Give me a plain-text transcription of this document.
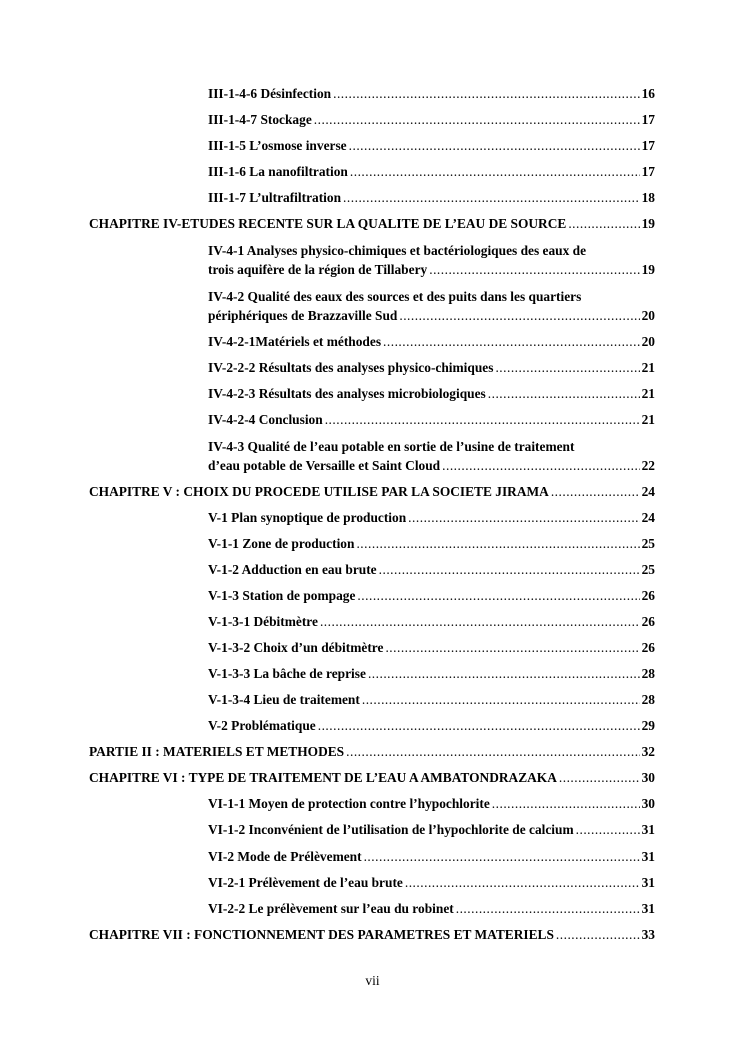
III-1-4-6 Désinfection .....	16
III-1-4-7 Stockage .....	17
III-1-5 L’osmose inverse .....	17
III-1-6 La nanofiltration .....	17
III-1-7 L’ultrafiltration .....	18
CHAPITRE IV-ETUDES RECENTE SUR LA QUALITE DE L’EAU DE SOURCE .....	19
IV-4-1 Analyses physico-chimiques et bactériologiques des eaux de
trois aquifère de la région de Tillabery .....	19
IV-4-2 Qualité des eaux des sources et des puits dans les quartiers
périphériques de Brazzaville Sud .....	20
IV-4-2-1Matériels et méthodes .....	20
IV-2-2-2 Résultats des analyses physico-chimiques .....	21
IV-4-2-3 Résultats des analyses microbiologiques .....	21
IV-4-2-4 Conclusion .....	21
IV-4-3 Qualité de l’eau potable en sortie de l’usine de traitement
d’eau potable de Versaille et Saint Cloud .....	22
CHAPITRE V : CHOIX DU PROCEDE UTILISE PAR LA SOCIETE JIRAMA .....	24
V-1 Plan synoptique de production .....	24
V-1-1 Zone de production .....	25
V-1-2 Adduction en eau brute .....	25
V-1-3 Station de pompage .....	26
V-1-3-1 Débitmètre .....	26
V-1-3-2 Choix d’un débitmètre .....	26
V-1-3-3 La bâche de reprise .....	28
V-1-3-4 Lieu de traitement .....	28
V-2 Problématique .....	29
PARTIE II : MATERIELS ET METHODES .....	32
CHAPITRE VI : TYPE DE TRAITEMENT DE L’EAU A AMBATONDRAZAKA .....	30
VI-1-1 Moyen de protection contre l’hypochlorite .....	30
VI-1-2 Inconvénient de l’utilisation de l’hypochlorite de calcium .....	31
VI-2 Mode de Prélèvement .....	31
VI-2-1 Prélèvement de l’eau brute .....	31
VI-2-2 Le prélèvement sur l’eau du robinet .....	31
CHAPITRE VII : FONCTIONNEMENT DES PARAMETRES ET MATERIELS .....	33
vii
